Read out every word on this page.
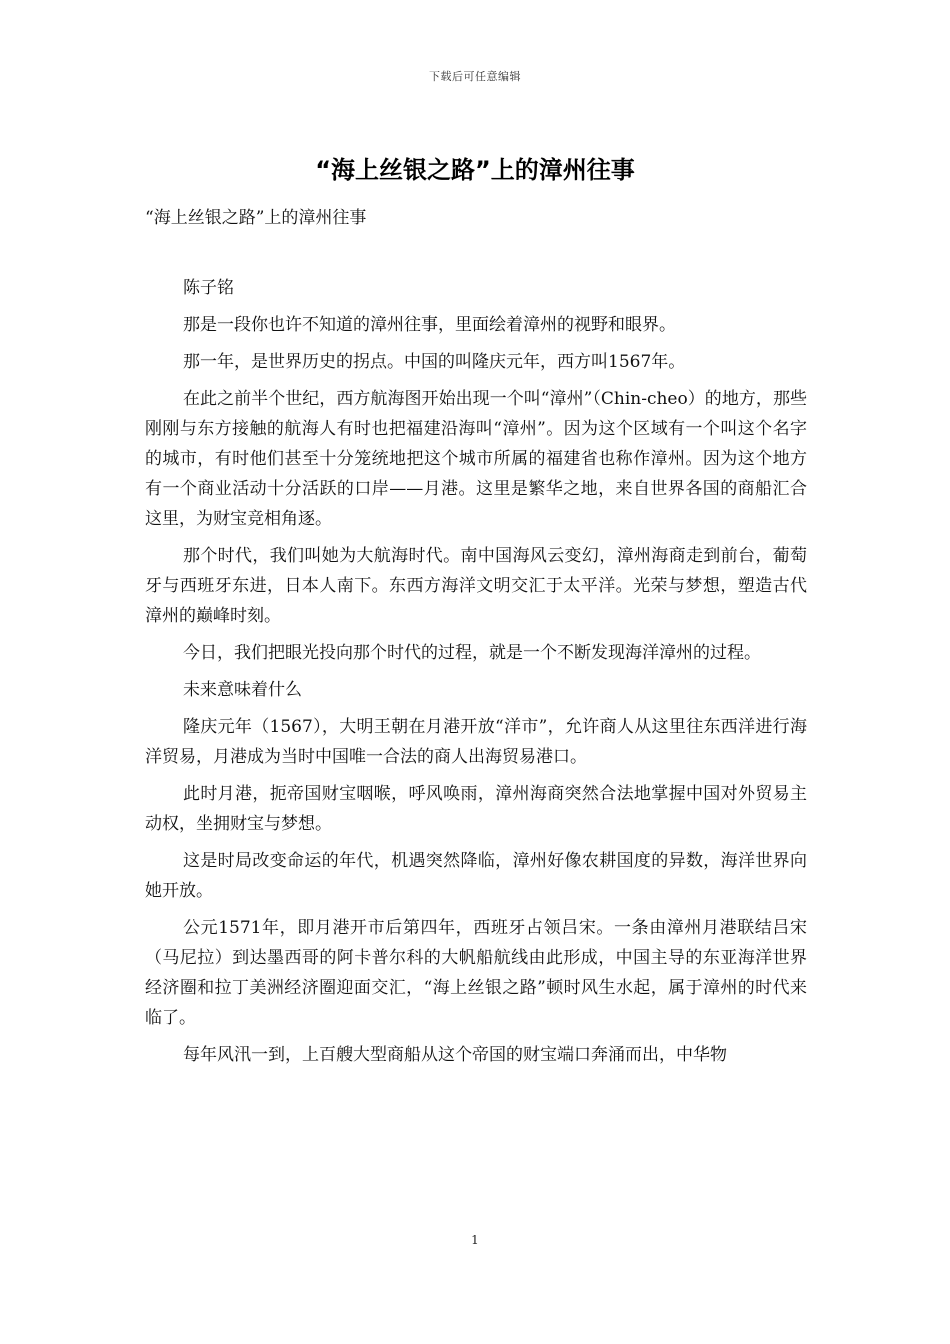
下载后可任意编辑
“海上丝银之路”上的漳州往事
“海上丝银之路”上的漳州往事

陈子铭

那是一段你也许不知道的漳州往事，里面绘着漳州的视野和眼界。

那一年，是世界历史的拐点。中国的叫隆庆元年，西方叫1567年。

在此之前半个世纪，西方航海图开始出现一个叫“漳州”（Chin-cheo）的地方，那些刚刚与东方接触的航海人有时也把福建沿海叫“漳州”。因为这个区域有一个叫这个名字的城市，有时他们甚至十分笼统地把这个城市所属的福建省也称作漳州。因为这个地方有一个商业活动十分活跃的口岸——月港。这里是繁华之地，来自世界各国的商船汇合这里，为财宝竞相角逐。

那个时代，我们叫她为大航海时代。南中国海风云变幻，漳州海商走到前台，葡萄牙与西班牙东进，日本人南下。东西方海洋文明交汇于太平洋。光荣与梦想，塑造古代漳州的巅峰时刻。

今日，我们把眼光投向那个时代的过程，就是一个不断发现海洋漳州的过程。

未来意味着什么

隆庆元年（1567），大明王朝在月港开放“洋市”，允许商人从这里往东西洋进行海洋贸易，月港成为当时中国唯一合法的商人出海贸易港口。

此时月港，扼帝国财宝咽喉，呼风唤雨，漳州海商突然合法地掌握中国对外贸易主动权，坐拥财宝与梦想。

这是时局改变命运的年代，机遇突然降临，漳州好像农耕国度的异数，海洋世界向她开放。

公元1571年，即月港开市后第四年，西班牙占领吕宋。一条由漳州月港联结吕宋（马尼拉）到达墨西哥的阿卡普尔科的大帆船航线由此形成，中国主导的东亚海洋世界经济圈和拉丁美洲经济圈迎面交汇，“海上丝银之路”顿时风生水起，属于漳州的时代来临了。

每年风汛一到，上百艘大型商船从这个帝国的财宝端口奔涌而出，中华物

1
